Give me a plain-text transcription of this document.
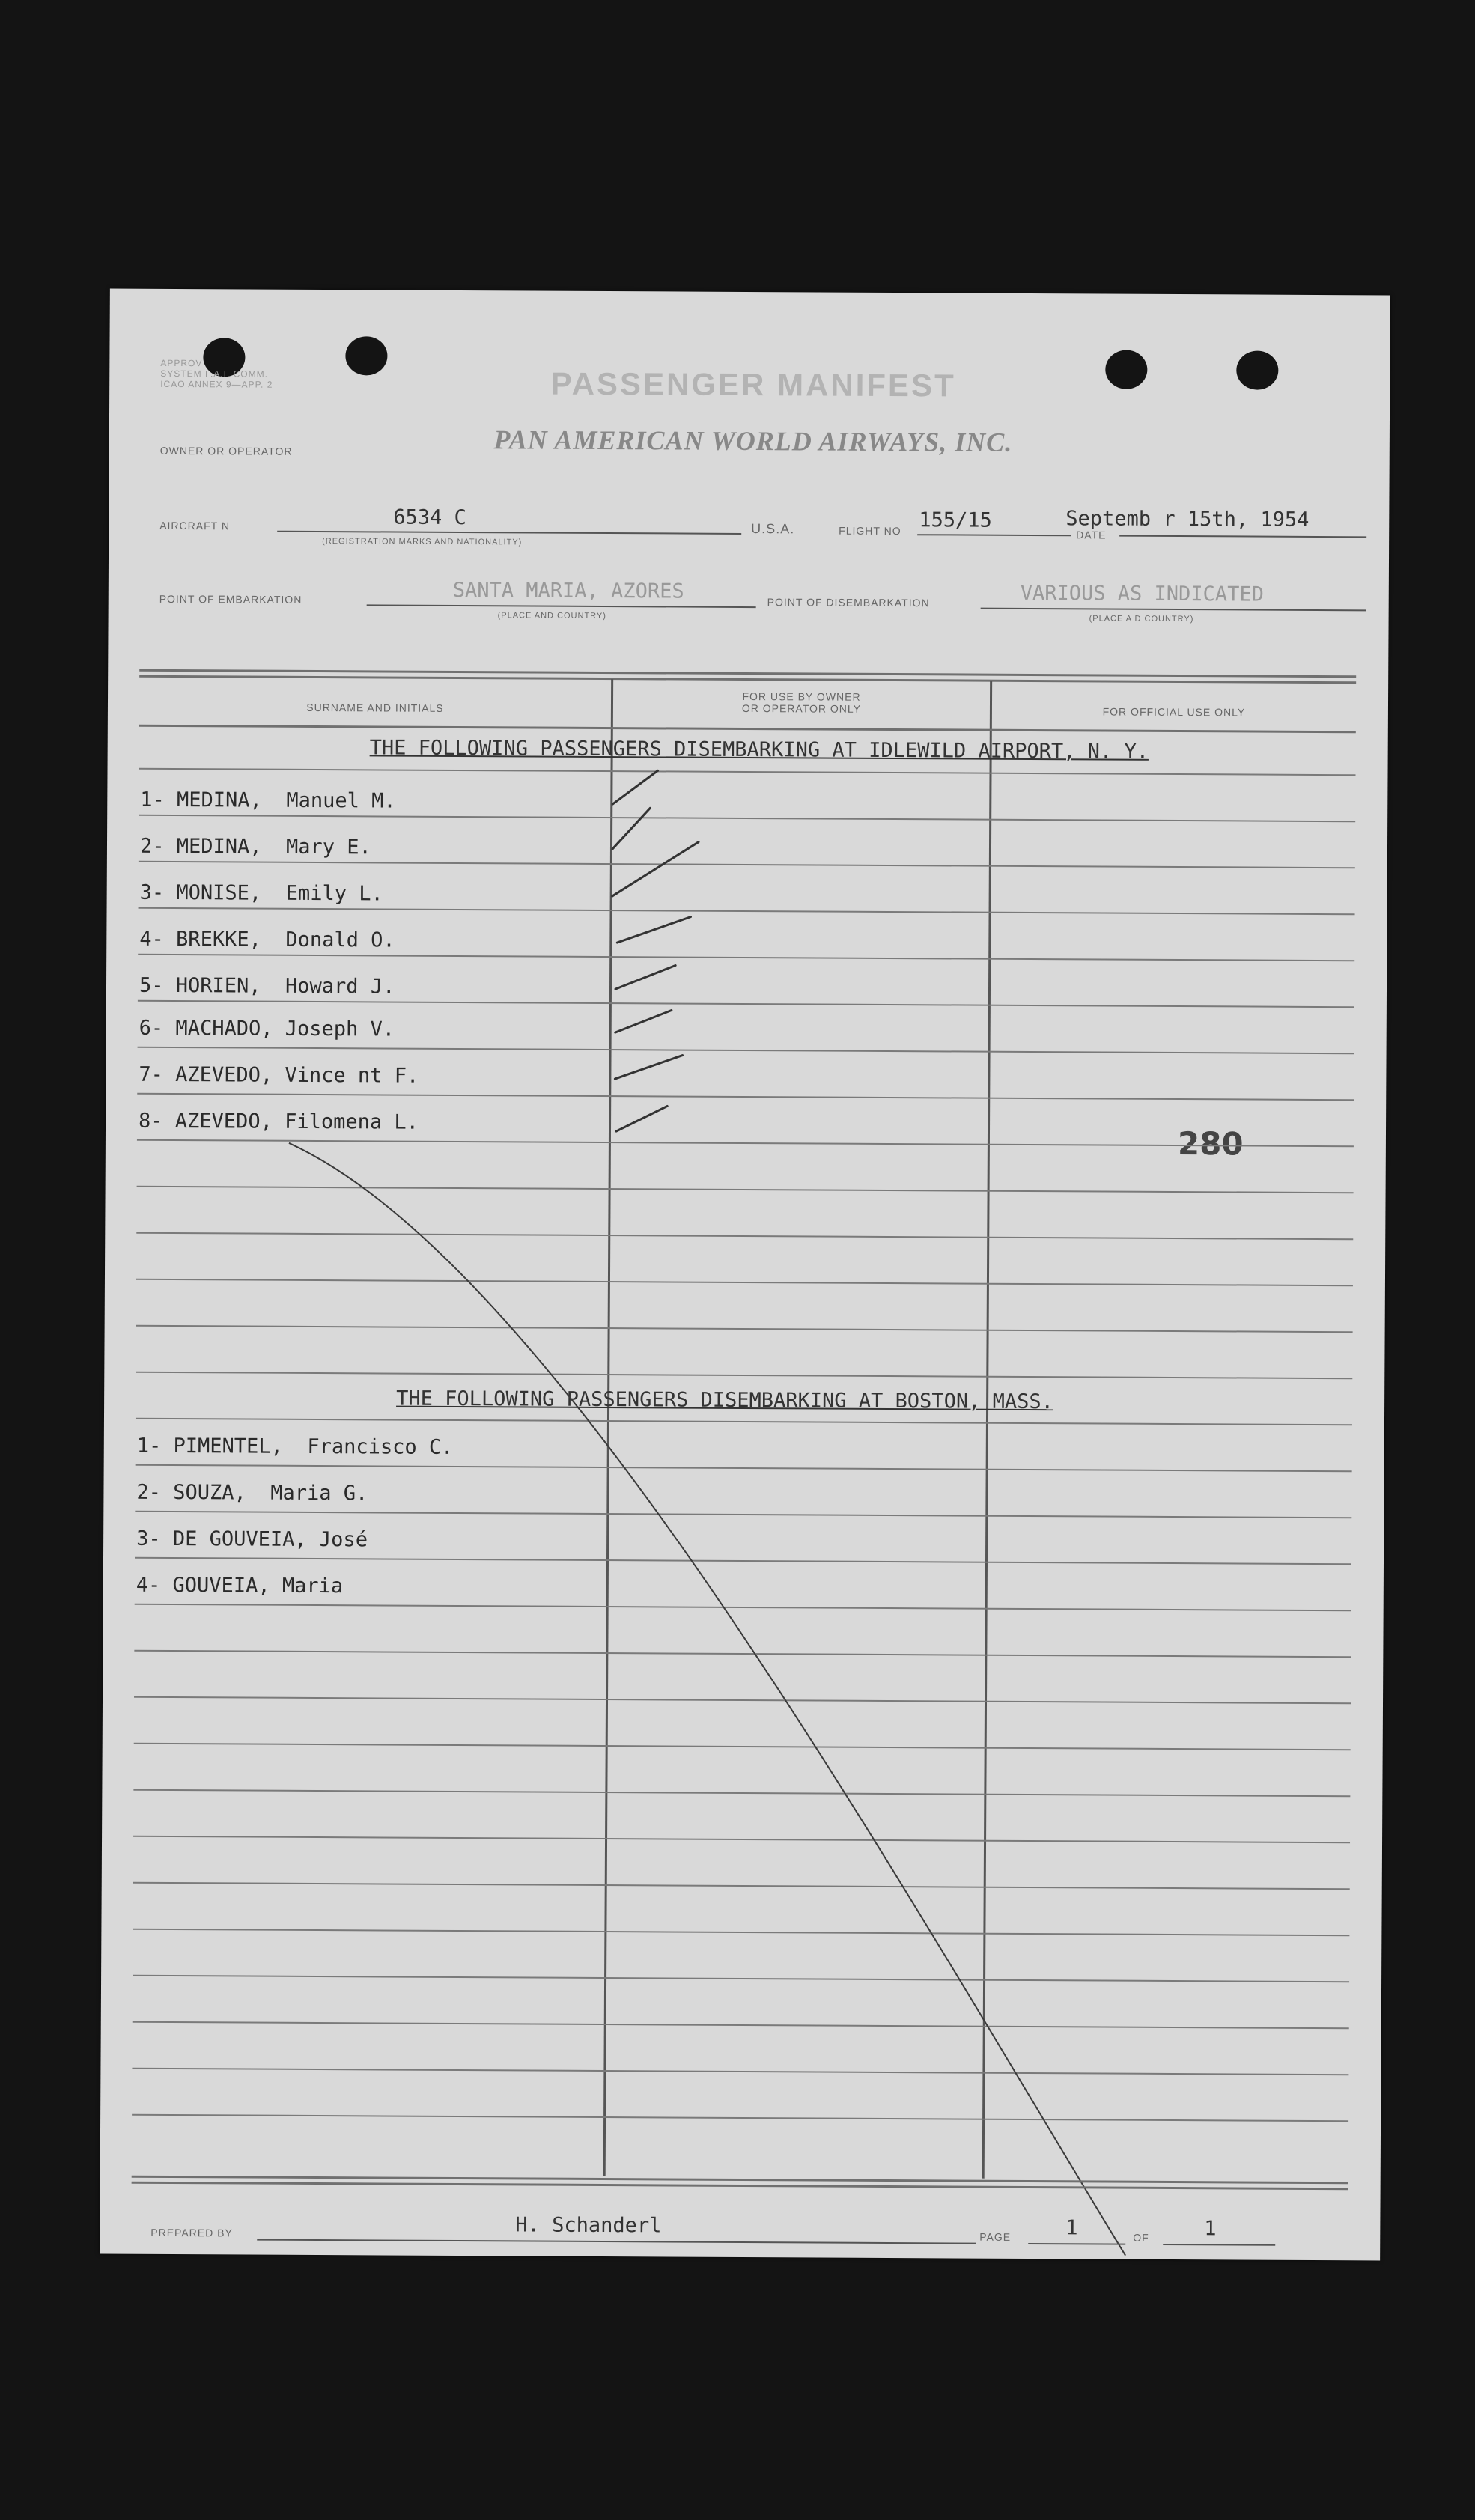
APPROV
SYSTEM F.A.I. COMM.
ICAO ANNEX 9—APP. 2	PASSENGER MANIFEST
OWNER OR OPERATOR	PAN AMERICAN WORLD AIRWAYS, INC.
AIRCRAFT N	6534 C
(REGISTRATION MARKS AND NATIONALITY)
U.S.A.	FLIGHT NO 155/15
DATE
Septemb r 15th, 1954
POINT OF EMBARKATION	SANTA MARIA, AZORES
(PLACE AND COUNTRY)
POINT OF DISEMBARKATION	VARIOUS AS INDICATED
(PLACE A D COUNTRY)
SURNAME AND INITIALS
FOR USE BY OWNER
OR OPERATOR ONLY	FOR OFFICIAL USE ONLY
THE FOLLOWING PASSENGERS DISEMBARKING AT IDLEWILD AIRPORT, N. Y.
1- MEDINA,  Manuel M.
2- MEDINA,  Mary E.
3- MONISE,  Emily L.
4- BREKKE,  Donald O.
5- HORIEN,  Howard J.
6- MACHADO, Joseph V.
7- AZEVEDO, Vince nt F.
8- AZEVEDO, Filomena L.
280
THE FOLLOWING PASSENGERS DISEMBARKING AT BOSTON, MASS.
1- PIMENTEL,  Francisco C.
2- SOUZA,  Maria G.
3- DE GOUVEIA, José
4- GOUVEIA, Maria
PREPARED BY	H. Schanderl	PAGE	1	OF	1
